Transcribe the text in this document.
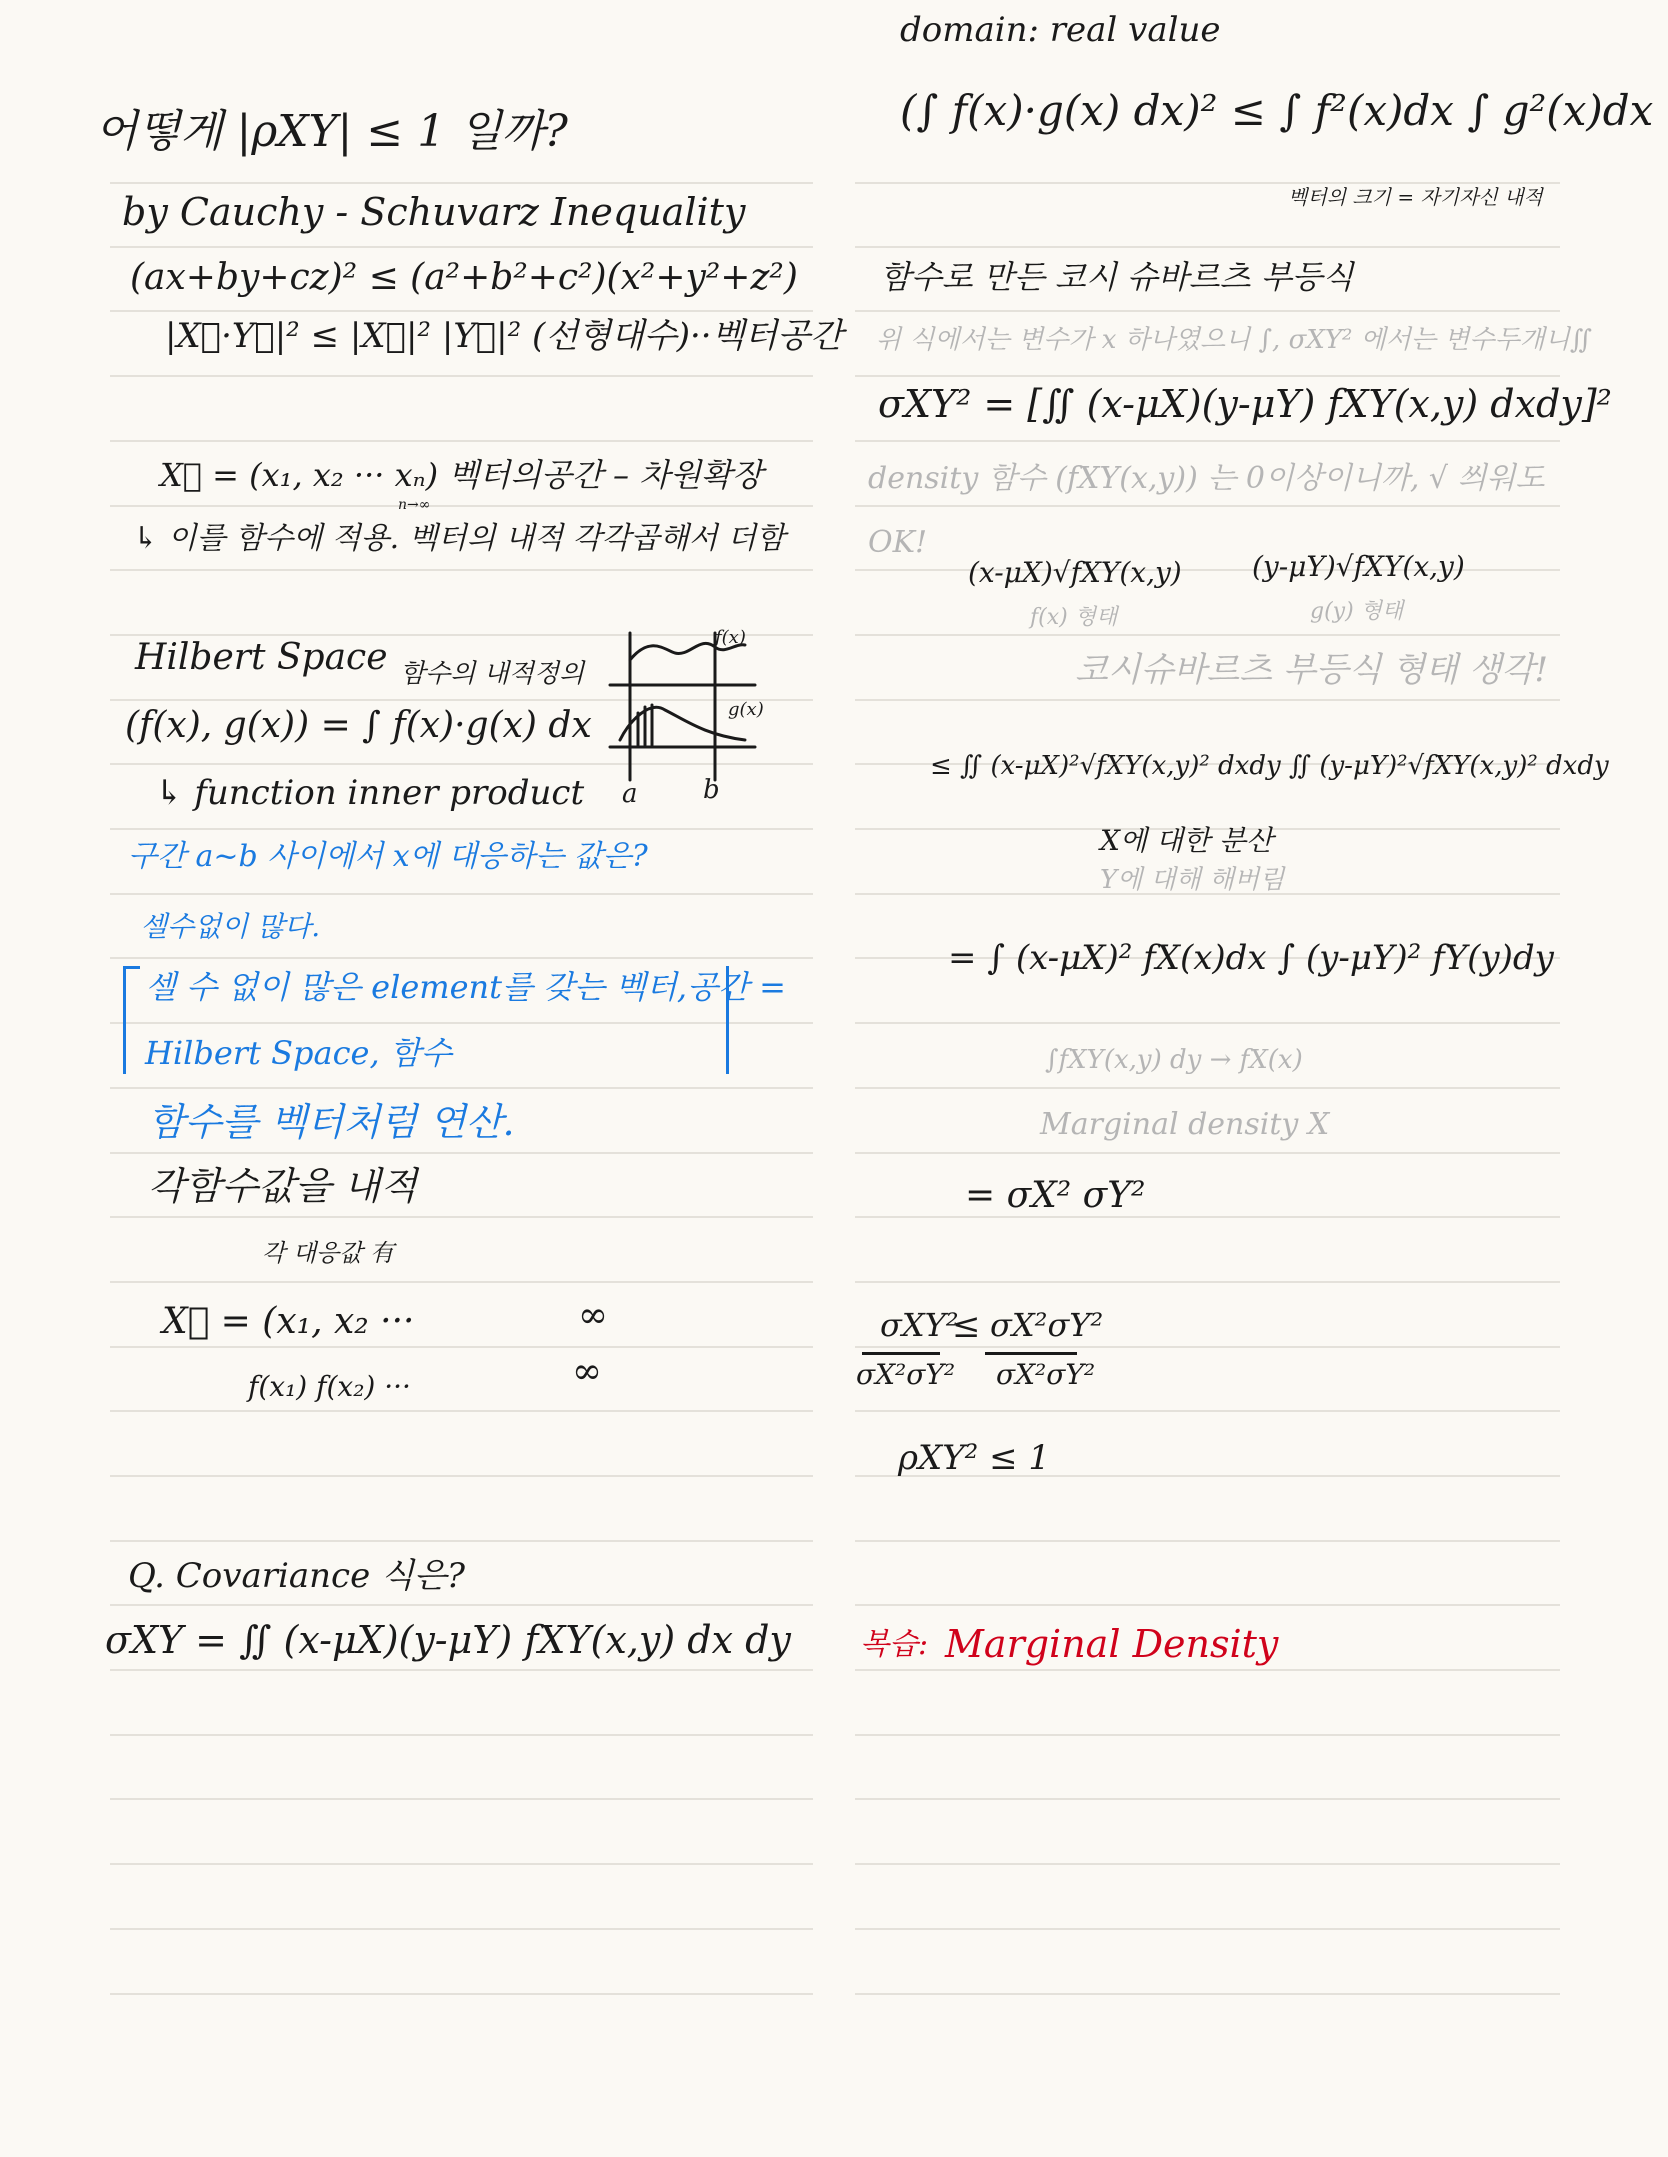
어떻게 |ρXY| ≤ 1 일까?
by Cauchy - Schuvarz Inequality
(ax+by+cz)² ≤ (a²+b²+c²)(x²+y²+z²)
|X⃗·Y⃗|² ≤ |X⃗|² |Y⃗|² (선형대수)··벡터공간
X⃗ = (x₁, x₂ ··· xₙ) 벡터의공간 – 차원확장
n→∞
↳ 이를 함수에 적용. 벡터의 내적 각각곱해서 더함
Hilbert Space 함수의 내적정의
(f(x), g(x)) = ∫ f(x)·g(x) dx
↳ function inner product
f(x)
g(x)
a	b
구간 a~b 사이에서 x에 대응하는 값은?
셀수없이 많다.
셀 수 없이 많은 element를 갖는 벡터,공간 =
Hilbert Space, 함수
함수를 벡터처럼 연산.
각함수값을 내적
각 대응값 有
X⃗ = (x₁, x₂ ···	∞
f(x₁) f(x₂) ···	∞
Q. Covariance 식은?
σXY = ∬ (x-μX)(y-μY) fXY(x,y) dx dy
domain: real value
(∫ f(x)·g(x) dx)² ≤ ∫ f²(x)dx ∫ g²(x)dx
벡터의 크기 = 자기자신 내적
함수로 만든 코시 슈바르츠 부등식
위 식에서는 변수가 x 하나였으니 ∫, σXY² 에서는 변수두개니∬
σXY² = [∬ (x-μX)(y-μY) fXY(x,y) dxdy]²
density 함수 (fXY(x,y)) 는 0이상이니까, √ 씌워도
OK!
(x-μX)√fXY(x,y)	(y-μY)√fXY(x,y)
f(x) 형태	g(y) 형태
코시슈바르츠 부등식 형태 생각!
≤ ∬ (x-μX)²√fXY(x,y)² dxdy ∬ (y-μY)²√fXY(x,y)² dxdy
X에 대한 분산
Y에 대해 해버림
= ∫ (x-μX)² fX(x)dx ∫ (y-μY)² fY(y)dy
∫fXY(x,y) dy → fX(x)
Marginal density X
= σX² σY²
σXY²
σX²σY²
≤ σX²σY²
σX²σY²
ρXY² ≤ 1
복습: Marginal Density
